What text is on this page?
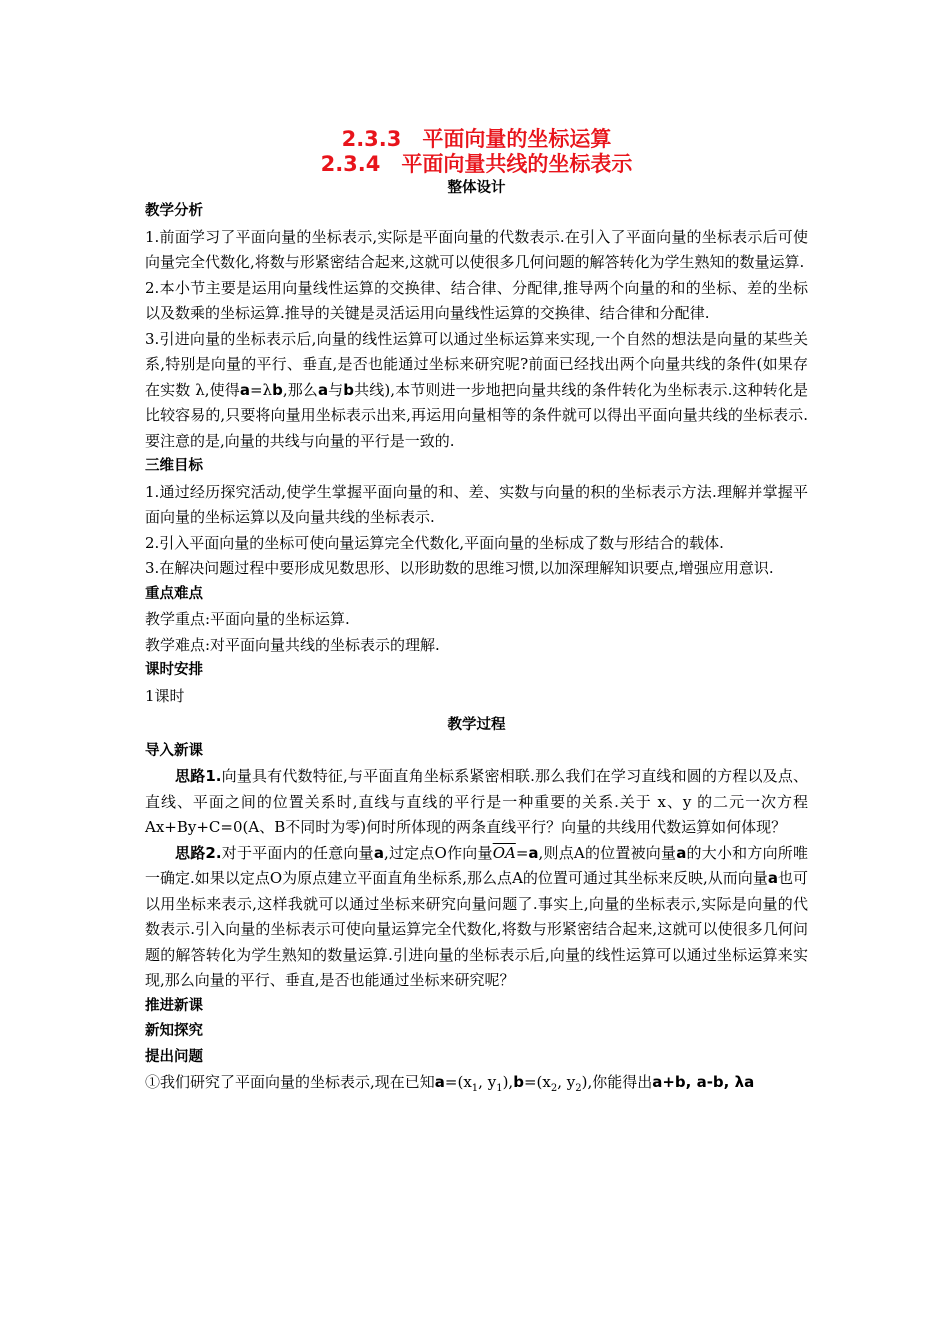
2.3.3　平面向量的坐标运算
2.3.4　平面向量共线的坐标表示
整体设计
教学分析

1.前面学习了平面向量的坐标表示,实际是平面向量的代数表示.在引入了平面向量的坐标表示后可使向量完全代数化,将数与形紧密结合起来,这就可以使很多几何问题的解答转化为学生熟知的数量运算.

2.本小节主要是运用向量线性运算的交换律、结合律、分配律,推导两个向量的和的坐标、差的坐标以及数乘的坐标运算.推导的关键是灵活运用向量线性运算的交换律、结合律和分配律.

3.引进向量的坐标表示后,向量的线性运算可以通过坐标运算来实现,一个自然的想法是向量的某些关系,特别是向量的平行、垂直,是否也能通过坐标来研究呢?前面已经找出两个向量共线的条件(如果存在实数 λ,使得a=λb,那么a与b共线),本节则进一步地把向量共线的条件转化为坐标表示.这种转化是比较容易的,只要将向量用坐标表示出来,再运用向量相等的条件就可以得出平面向量共线的坐标表示.要注意的是,向量的共线与向量的平行是一致的.

三维目标

1.通过经历探究活动,使学生掌握平面向量的和、差、实数与向量的积的坐标表示方法.理解并掌握平面向量的坐标运算以及向量共线的坐标表示.

2.引入平面向量的坐标可使向量运算完全代数化,平面向量的坐标成了数与形结合的载体.

3.在解决问题过程中要形成见数思形、以形助数的思维习惯,以加深理解知识要点,增强应用意识.

重点难点

教学重点:平面向量的坐标运算.

教学难点:对平面向量共线的坐标表示的理解.

课时安排

1课时

教学过程
导入新课

思路1.向量具有代数特征,与平面直角坐标系紧密相联.那么我们在学习直线和圆的方程以及点、直线、平面之间的位置关系时,直线与直线的平行是一种重要的关系.关于 x、y 的二元一次方程Ax+By+C=0(A、B不同时为零)何时所体现的两条直线平行？向量的共线用代数运算如何体现？

思路2.对于平面内的任意向量a,过定点O作向量$\overline{OA}=a$,则点A的位置被向量a的大小和方向所唯一确定.如果以定点O为原点建立平面直角坐标系,那么点A的位置可通过其坐标来反映,从而向量a也可以用坐标来表示,这样我就可以通过坐标来研究向量问题了.事实上,向量的坐标表示,实际是向量的代数表示.引入向量的坐标表示可使向量运算完全代数化,将数与形紧密结合起来,这就可以使很多几何问题的解答转化为学生熟知的数量运算.引进向量的坐标表示后,向量的线性运算可以通过坐标运算来实现,那么向量的平行、垂直,是否也能通过坐标来研究呢？

推进新课
新知探究
提出问题

①我们研究了平面向量的坐标表示,现在已知$a=(x_1$, $y_1),b=(x_2$, $y_2$),你能得出a+b, a-b, λa
